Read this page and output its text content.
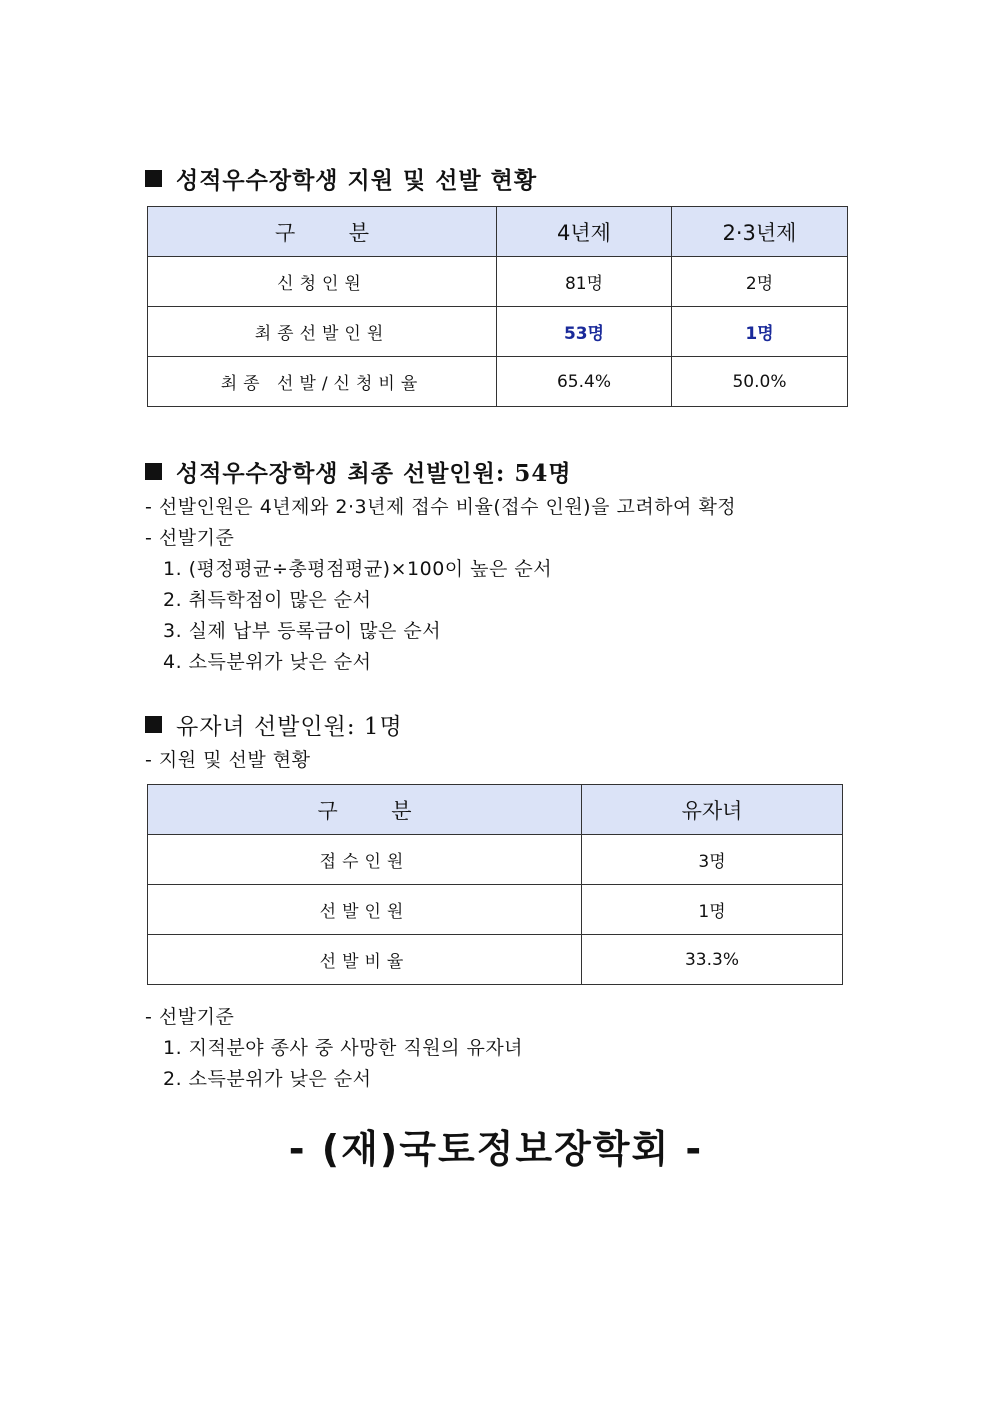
성적우수장학생 지원 및 선발 현황
구        분	4년제	2·3년제
신청인원	81명	2명
최종선발인원	53명	1명
최종 선발/신청비율	65.4%	50.0%
성적우수장학생 최종 선발인원: 54명
- 선발인원은 4년제와 2·3년제 접수 비율(접수 인원)을 고려하여 확정
- 선발기준
1. (평정평균÷총평점평균)×100이 높은 순서
2. 취득학점이 많은 순서
3. 실제 납부 등록금이 많은 순서
4. 소득분위가 낮은 순서
유자녀 선발인원: 1명
- 지원 및 선발 현황
구        분	유자녀
접수인원	3명
선발인원	1명
선발비율	33.3%
- 선발기준
1. 지적분야 종사 중 사망한 직원의 유자녀
2. 소득분위가 낮은 순서
- (재)국토정보장학회 -
